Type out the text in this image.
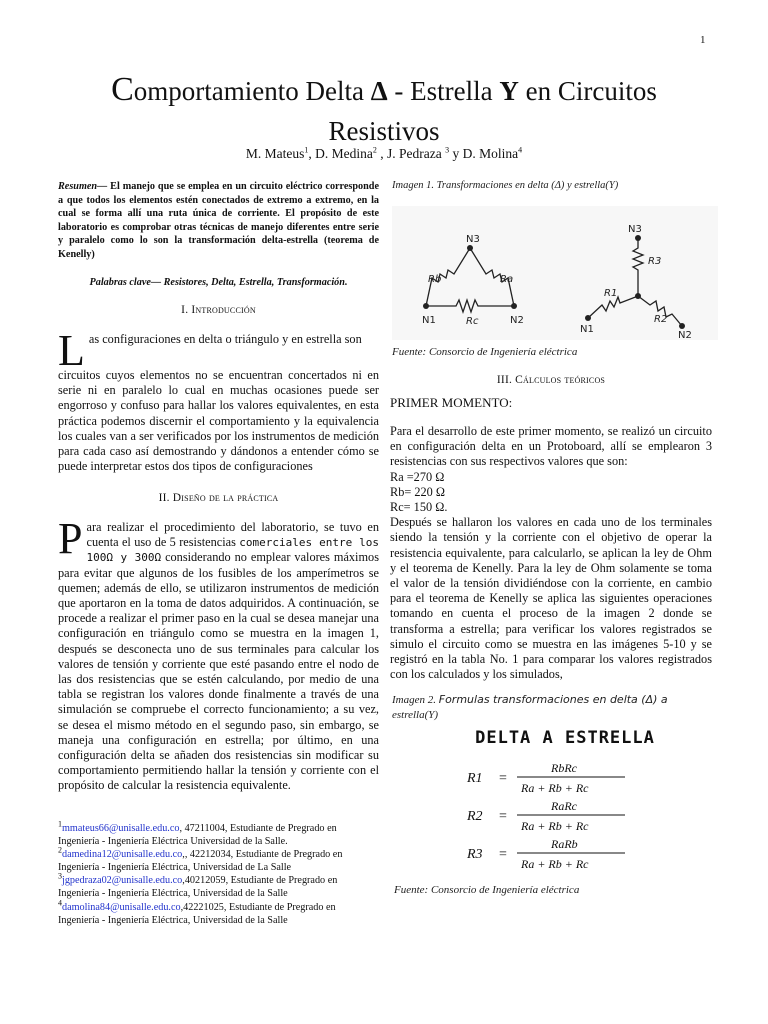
1
Comportamiento Delta Δ - Estrella Y en Circuitos
Resistivos
M. Mateus$^1$, D. Medina$^2$ , J. Pedraza $^3$ y D. Molina$^4$
Resumen— El manejo que se emplea en un circuito eléctrico corresponde a que todos los elementos estén conectados de extremo a extremo, en la cual se forma allí una ruta única de corriente. El propósito de este laboratorio es comprobar otras técnicas de manejo diferentes entre serie y paralelo como lo son la transformación delta-estrella (teorema de Kenelly)
Palabras clave— Resistores, Delta, Estrella, Transformación.
I. Introducción
Las configuraciones en delta o triángulo y en estrella son
circuitos cuyos elementos no se encuentran concertados ni en serie ni en paralelo lo cual en muchas ocasiones puede ser engorroso y confuso para hallar los valores equivalentes, en esta práctica podemos discernir el comportamiento y la equivalencia los cuales van a ser verificados por los instrumentos de medición para cada caso así demostrando y dándonos a entender cómo se puede interpretar estos dos tipos de configuraciones
II. Diseño de la práctica
Para realizar el procedimiento del laboratorio, se tuvo en cuenta el uso de 5 resistencias comerciales entre los 100Ω y 300Ω considerando no emplear valores máximos para evitar que algunos de los fusibles de los amperímetros se quemen; además de ello, se utilizaron instrumentos de medición que aportaron en la toma de datos adquiridos. A continuación, se procede a realizar el primer paso en la cual se desea manejar una configuración en triángulo como se muestra en la imagen 1, después se desconecta uno de sus terminales para calcular los valores de tensión y corriente que esté pasando entre el nodo de las dos resistencias que se estén calculando, por medio de una tabla se registran los valores donde finalmente a través de una simulación se compruebe el correcto funcionamiento; a su vez, se desea el mismo método en el segundo paso, sin embargo, se maneja una configuración en estrella; por último, en una configuración delta se añaden dos resistencias sin modificar su comportamiento permitiendo hallar la tensión y corriente con el propósito de calcular la resistencia equivalente.
$^1$mmateus66@unisalle.edu.co, 47211004, Estudiante de Pregrado en Ingeniería - Ingeniería Eléctrica Universidad de la Salle.
$^2$damedina12@unisalle.edu.co,, 42212034, Estudiante de Pregrado en Ingeniería - Ingeniería Eléctrica, Universidad de La Salle
$^3$jgpedraza02@unisalle.edu.co,40212059, Estudiante de Pregrado en Ingeniería - Ingeniería Eléctrica, Universidad de la Salle
$^4$damolina84@unisalle.edu.co,42221025, Estudiante de Pregrado en Ingeniería - Ingeniería Eléctrica, Universidad de la Salle
Imagen 1. Transformaciones en delta (Δ) y estrella(Y)
N3
N1	N2
Rb	Ra
Rc
N3
R3
R1
R2
N1
N2
Fuente: Consorcio de Ingeniería eléctrica
III. Cálculos teóricos
PRIMER MOMENTO:
Para el desarrollo de este primer momento, se realizó un circuito en configuración delta en un Protoboard, allí se emplearon 3 resistencias con sus respectivos valores que son:
Ra =270 Ω
Rb= 220 Ω
Rc= 150 Ω.
Después se hallaron los valores en cada uno de los terminales siendo la tensión y la corriente con el objetivo de operar la resistencia equivalente, para calcularlo, se aplican la ley de Ohm y el teorema de Kenelly. Para la ley de Ohm solamente se toma el valor de la tensión dividiéndose con la corriente, en cambio para el teorema de Kenelly se aplica las siguientes operaciones tomando en cuenta el proceso de la imagen 2 donde se transforma a estrella; para verificar los valores registrados se simulo el circuito como se muestra en las imágenes 5-10 y se registró en la tabla No. 1 para comparar los valores registrados con los calculados y los simulados,
Imagen 2. Formulas transformaciones en delta (Δ) a
estrella(Y)
DELTA A ESTRELLA
R1 =
RbRc
Ra + Rb + Rc
R2 =
RaRc
Ra + Rb + Rc
R3 =
RaRb
Ra + Rb + Rc
Fuente: Consorcio de Ingeniería eléctrica
